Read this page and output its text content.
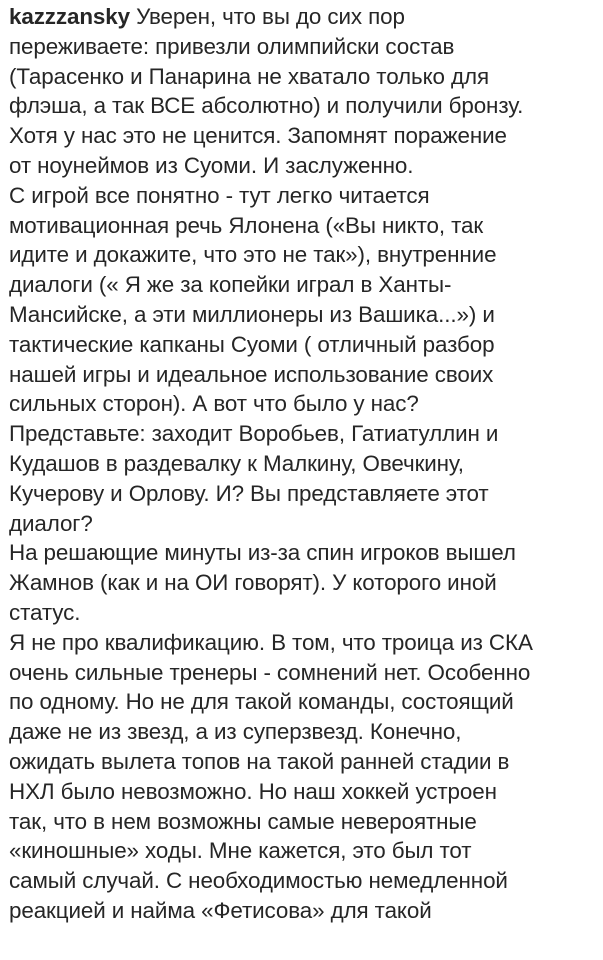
kazzzansky Уверен, что вы до сих пор
переживаете: привезли олимпийски состав
(Тарасенко и Панарина не хватало только для
флэша, а так ВСЕ абсолютно) и получили бронзу.
Хотя у нас это не ценится. Запомнят поражение
от ноунеймов из Суоми. И заслуженно.
С игрой все понятно - тут легко читается
мотивационная речь Ялонена («Вы никто, так
идите и докажите, что это не так»), внутренние
диалоги (« Я же за копейки играл в Ханты-
Мансийске, а эти миллионеры из Вашика...») и
тактические капканы Суоми ( отличный разбор
нашей игры и идеальное использование своих
сильных сторон). А вот что было у нас?
Представьте: заходит Воробьев, Гатиатуллин и
Кудашов в раздевалку к Малкину, Овечкину,
Кучерову и Орлову. И? Вы представляете этот
диалог?
На решающие минуты из-за спин игроков вышел
Жамнов (как и на ОИ говорят). У которого иной
статус.
Я не про квалификацию. В том, что троица из СКА
очень сильные тренеры - сомнений нет. Особенно
по одному. Но не для такой команды, состоящий
даже не из звезд, а из суперзвезд. Конечно,
ожидать вылета топов на такой ранней стадии в
НХЛ было невозможно. Но наш хоккей устроен
так, что в нем возможны самые невероятные
«киношные» ходы. Мне кажется, это был тот
самый случай. С необходимостью немедленной
реакцией и найма «Фетисова» для такой
